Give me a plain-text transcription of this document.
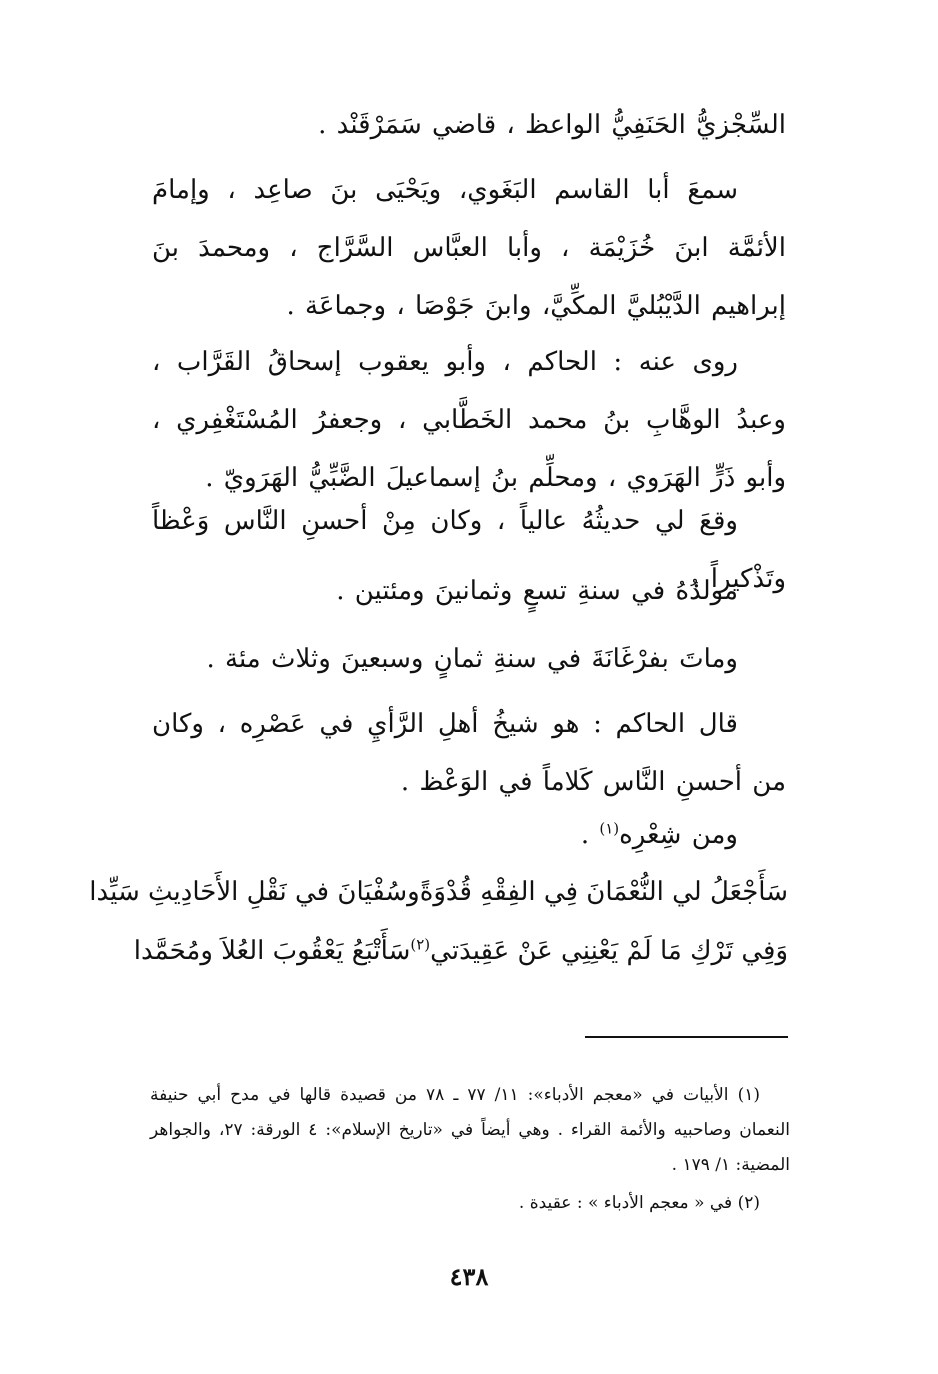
السِّجْزيُّ الحَنَفِيُّ الواعظ ، قاضي سَمَرْقَنْد .

سمعَ أبا القاسم البَغَوي، ويَحْيَى بنَ صاعِد ، وإمامَ الأئمَّة ابنَ خُزَيْمَة ، وأبا العبَّاس السَّرَّاج ، ومحمدَ بنَ إبراهيم الدَّيْبُليَّ المكِّيَّ، وابنَ جَوْصَا ، وجماعَة .

روى عنه : الحاكم ، وأبو يعقوب إسحاقُ القَرَّاب ، وعبدُ الوهَّابِ بنُ محمد الخَطَّابي ، وجعفرُ المُسْتَغْفِري ، وأبو ذَرٍّ الهَرَوي ، ومحلِّم بنُ إسماعيلَ الضَّبِّيُّ الهَرَويّ .

وقعَ لي حديثُهُ عالياً ، وكان مِنْ أحسنِ النَّاس وَعْظاً وتَذْكيراً .

مولدُهُ في سنةِ تسعٍ وثمانينَ ومئتين .

وماتَ بفرْغَانَةَ في سنةِ ثمانٍ وسبعينَ وثلاث مئة .

قال الحاكم : هو شيخُ أهلِ الرَّأيِ في عَصْرِه ، وكان من أحسنِ النَّاس كَلاماً في الوَعْظ .

ومن شِعْرِه$^{(١)}$ .

سَأَجْعَلُ لي النُّعْمَانَ فِي الفِقْهِ قُدْوَةً
وسُفْيَانَ في نَقْلِ الأَحَادِيثِ سَيِّدا
وَفِي تَرْكِ مَا لَمْ يَعْنِنِي عَنْ عَقِيدَتي$^{(٢)}$
سَأَتْبَعُ يَعْقُوبَ العُلاَ ومُحَمَّدا

(١) الأبيات في «معجم الأدباء»: ١١/ ٧٧ ـ ٧٨ من قصيدة قالها في مدح أبي حنيفة النعمان وصاحبيه والأئمة القراء . وهي أيضاً في «تاريخ الإسلام»: ٤ الورقة: ٢٧، والجواهر المضية: ١/ ١٧٩ .

(٢) في « معجم الأدباء » : عقيدة .

٤٣٨
